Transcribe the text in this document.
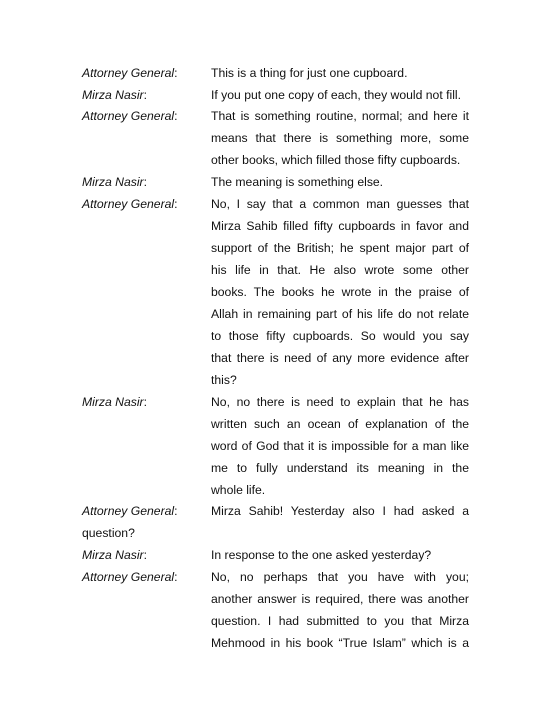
Attorney General:	This is a thing for just one cupboard.
Mirza Nasir:	If you put one copy of each, they would not fill.
Attorney General:	That is something routine, normal; and here it
means that there is something more, some
other books, which filled those fifty cupboards.
Mirza Nasir:	The meaning is something else.
Attorney General:	No, I say that a common man guesses that
Mirza Sahib filled fifty cupboards in favor and
support of the British; he spent major part of
his life in that. He also wrote some other
books. The books he wrote in the praise of
Allah in remaining part of his life do not relate
to those fifty cupboards. So would you say
that there is need of any more evidence after
this?
Mirza Nasir:	No, no there is need to explain that he has
written such an ocean of explanation of the
word of God that it is impossible for a man like
me to fully understand its meaning in the
whole life.
Attorney General:	Mirza Sahib! Yesterday also I had asked a
question?
Mirza Nasir:	In response to the one asked yesterday?
Attorney General:	No, no perhaps that you have with you;
another answer is required, there was another
question. I had submitted to you that Mirza
Mehmood in his book “True Islam” which is a
